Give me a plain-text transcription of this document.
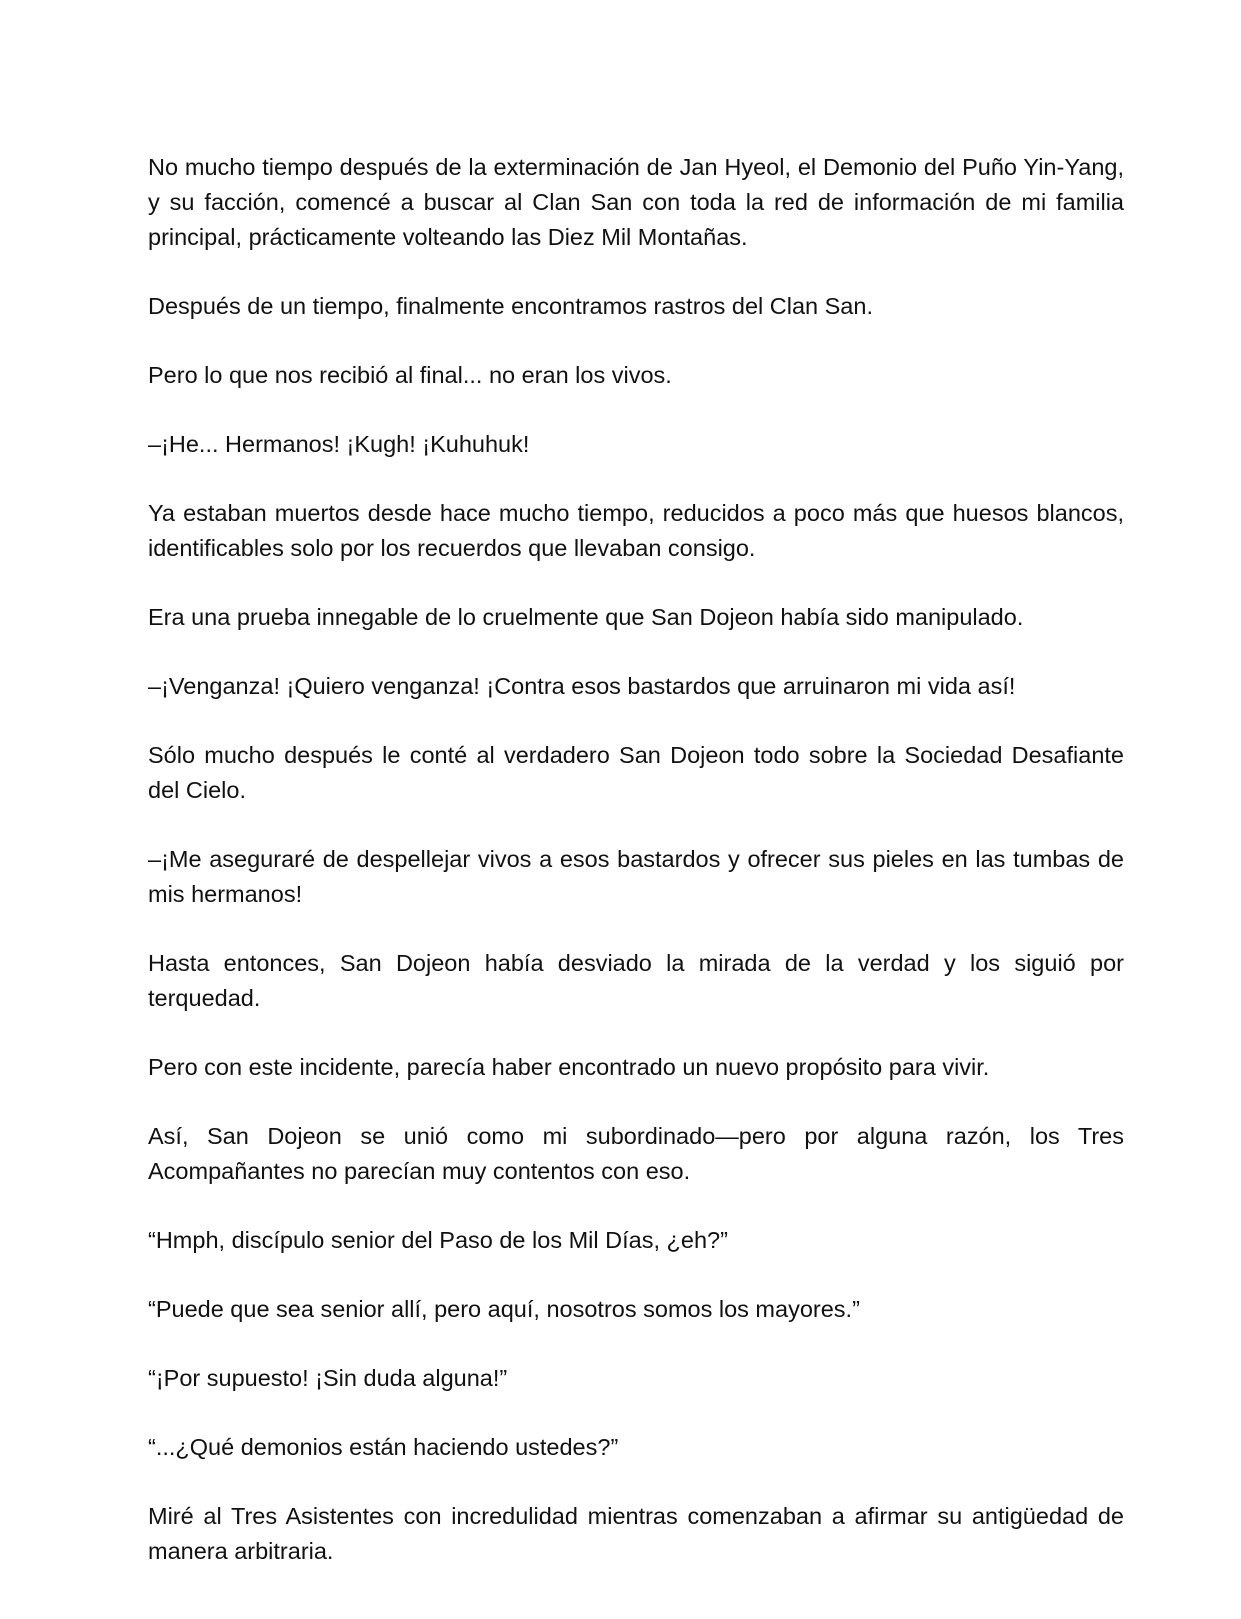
No mucho tiempo después de la exterminación de Jan Hyeol, el Demonio del Puño Yin-Yang, y su facción, comencé a buscar al Clan San con toda la red de información de mi familia principal, prácticamente volteando las Diez Mil Montañas.

Después de un tiempo, finalmente encontramos rastros del Clan San.

Pero lo que nos recibió al final... no eran los vivos.

–¡He... Hermanos! ¡Kugh! ¡Kuhuhuk!

Ya estaban muertos desde hace mucho tiempo, reducidos a poco más que huesos blancos, identificables solo por los recuerdos que llevaban consigo.

Era una prueba innegable de lo cruelmente que San Dojeon había sido manipulado.

–¡Venganza! ¡Quiero venganza! ¡Contra esos bastardos que arruinaron mi vida así!

Sólo mucho después le conté al verdadero San Dojeon todo sobre la Sociedad Desafiante del Cielo.

–¡Me aseguraré de despellejar vivos a esos bastardos y ofrecer sus pieles en las tumbas de mis hermanos!

Hasta entonces, San Dojeon había desviado la mirada de la verdad y los siguió por terquedad.

Pero con este incidente, parecía haber encontrado un nuevo propósito para vivir.

Así, San Dojeon se unió como mi subordinado—pero por alguna razón, los Tres Acompañantes no parecían muy contentos con eso.

“Hmph, discípulo senior del Paso de los Mil Días, ¿eh?”

“Puede que sea senior allí, pero aquí, nosotros somos los mayores.”

“¡Por supuesto! ¡Sin duda alguna!”

“...¿Qué demonios están haciendo ustedes?”

Miré al Tres Asistentes con incredulidad mientras comenzaban a afirmar su antigüedad de manera arbitraria.
